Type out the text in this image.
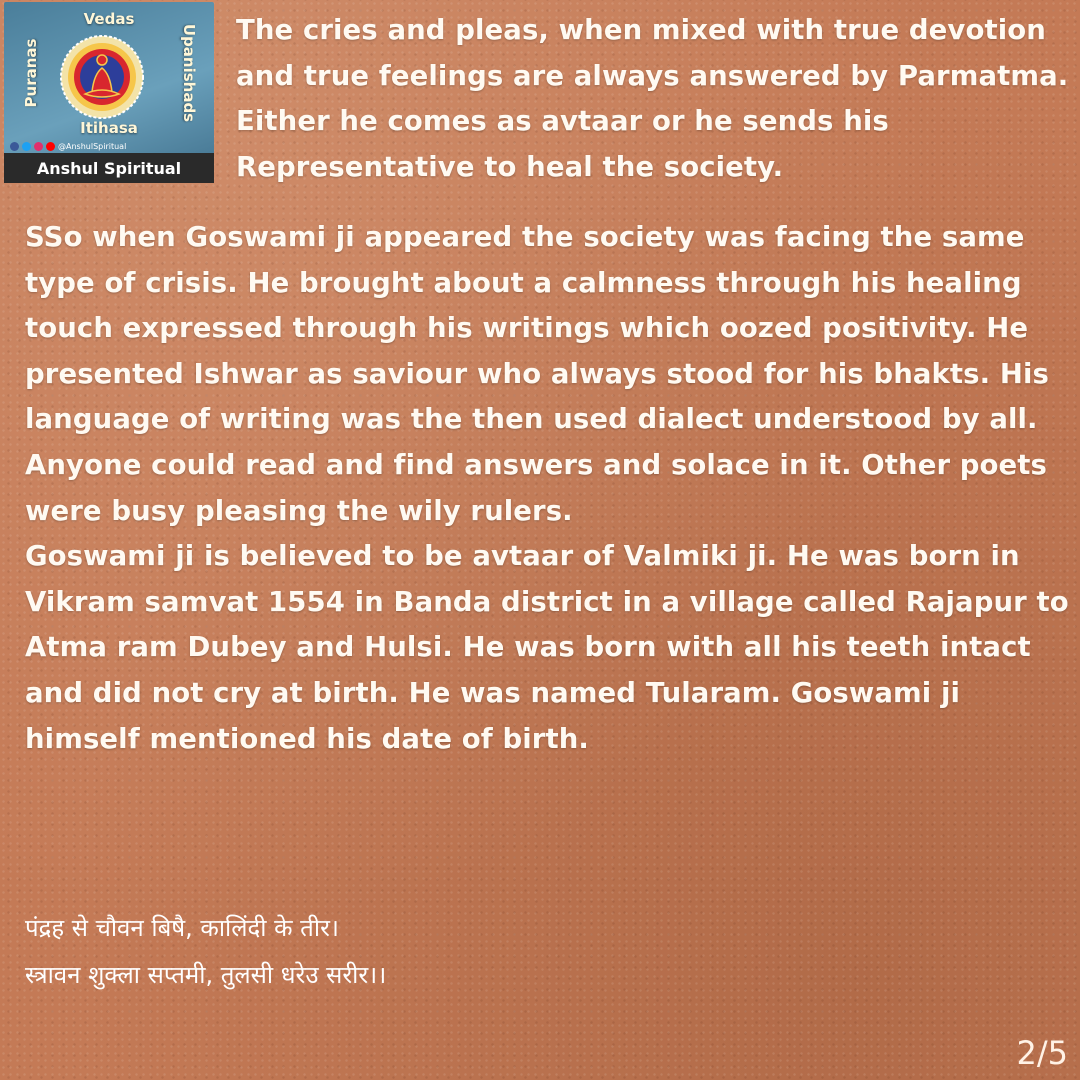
Vedas
Puranas	Upanishads
Itihasa
@AnshulSpiritual
Anshul Spiritual
The cries and pleas, when mixed with true devotion and true feelings are always answered by Parmatma. Either he comes as avtaar or he sends his Representative to heal the society.

SSo when Goswami ji appeared the society was facing the same type of crisis. He brought about a calmness through his healing touch expressed through his writings which oozed positivity. He presented Ishwar as saviour who always stood for his bhakts. His language of writing was the then used dialect understood by all. Anyone could read and find answers and solace in it. Other poets were busy pleasing the wily rulers.

Goswami ji is believed to be avtaar of Valmiki ji. He was born in Vikram samvat 1554 in Banda district in a village called Rajapur to Atma ram Dubey and Hulsi. He was born with all his teeth intact and did not cry at birth. He was named Tularam. Goswami ji himself mentioned his date of birth.

पंद्रह से चौवन बिषै, कालिंदी के तीर।

स्त्रावन शुक्ला सप्तमी, तुलसी धरेउ सरीर।।

2/5
